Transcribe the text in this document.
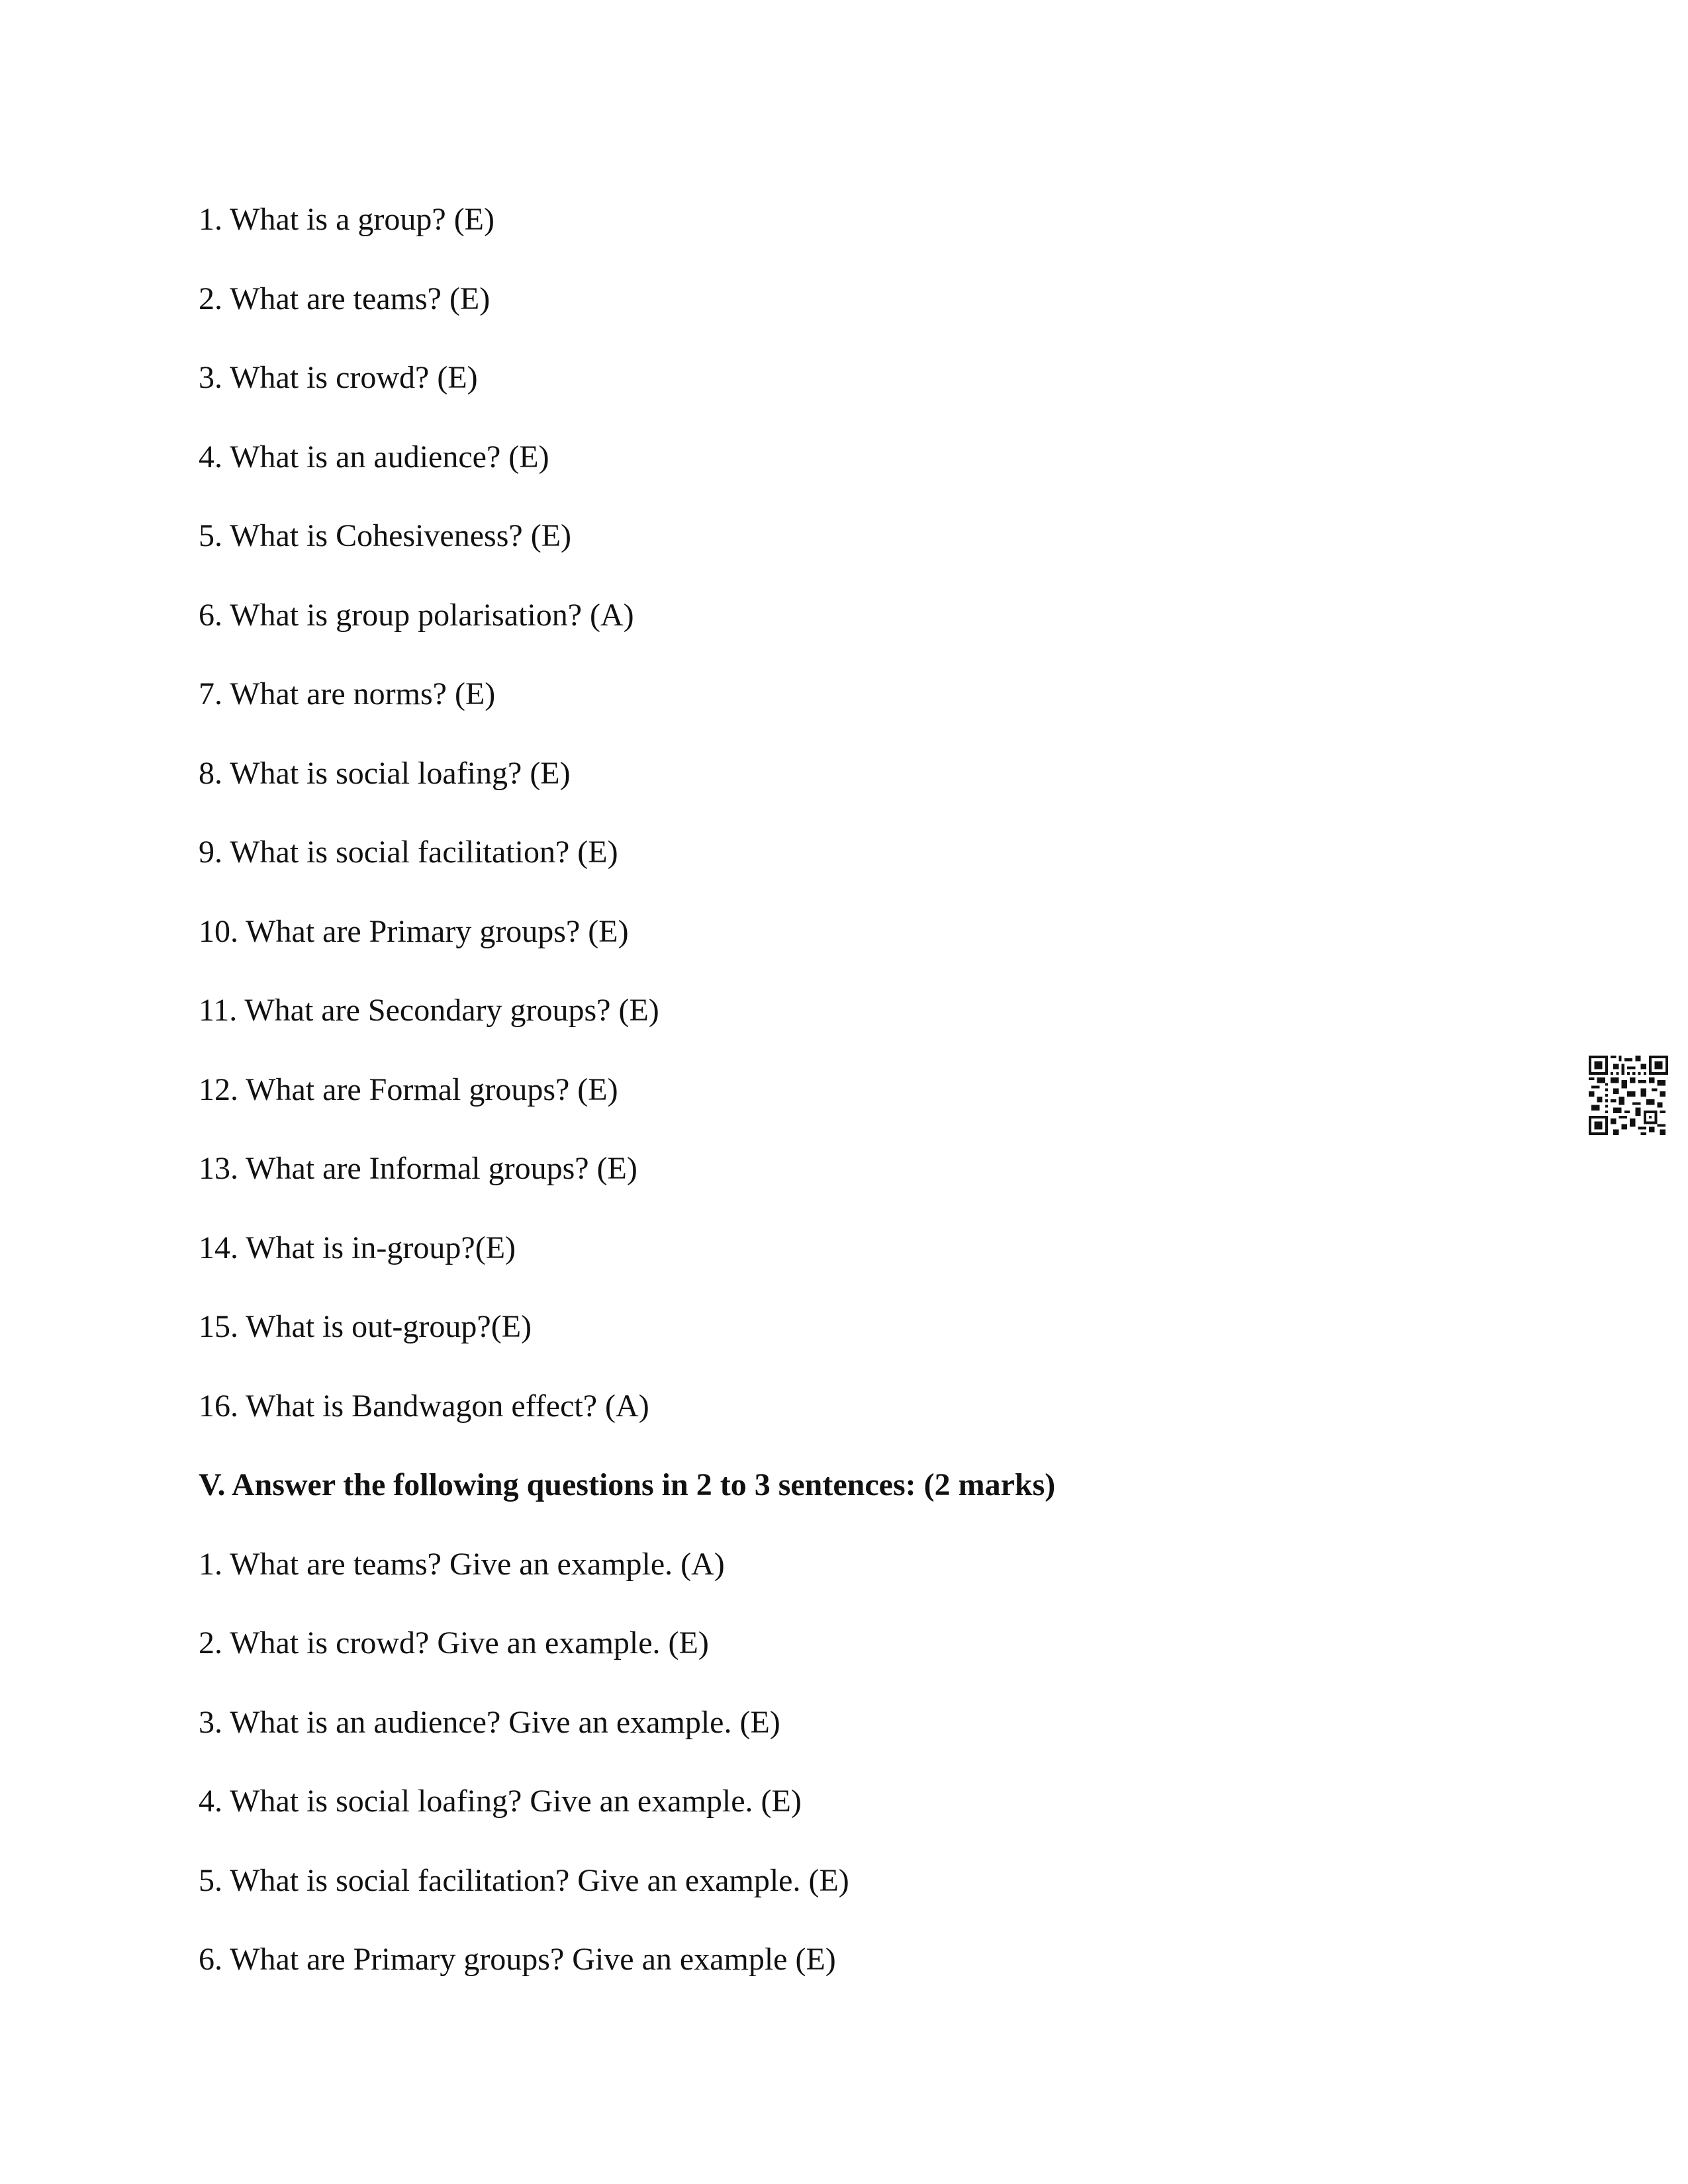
1. What is a group? (E)
2. What are teams? (E)
3. What is crowd? (E)
4. What is an audience? (E)
5. What is Cohesiveness? (E)
6. What is group polarisation? (A)
7. What are norms? (E)
8. What is social loafing? (E)
9. What is social facilitation? (E)
10. What are Primary groups? (E)
11. What are Secondary groups? (E)
12. What are Formal groups? (E)
13. What are Informal groups? (E)
14. What is in-group?(E)
15. What is out-group?(E)
16. What is Bandwagon effect? (A)
V. Answer the following questions in 2 to 3 sentences: (2 marks)
1. What are teams? Give an example. (A)
2. What is crowd? Give an example. (E)
3. What is an audience? Give an example. (E)
4. What is social loafing? Give an example. (E)
5. What is social facilitation? Give an example. (E)
6. What are Primary groups? Give an example (E)
